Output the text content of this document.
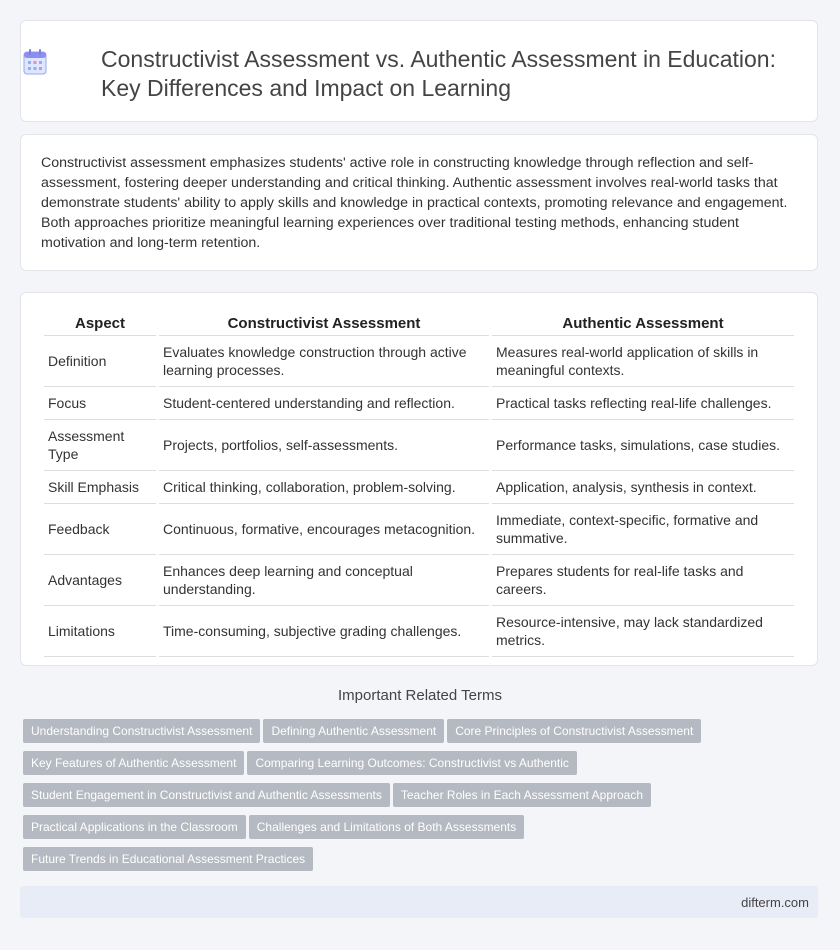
Constructivist Assessment vs. Authentic Assessment in Education: Key Differences and Impact on Learning

Constructivist assessment emphasizes students' active role in constructing knowledge through reflection and self-assessment, fostering deeper understanding and critical thinking. Authentic assessment involves real-world tasks that demonstrate students' ability to apply skills and knowledge in practical contexts, promoting relevance and engagement. Both approaches prioritize meaningful learning experiences over traditional testing methods, enhancing student motivation and long-term retention.

Aspect	Constructivist Assessment	Authentic Assessment
Definition	Evaluates knowledge construction through active learning processes.	Measures real-world application of skills in meaningful contexts.
Focus	Student-centered understanding and reflection.	Practical tasks reflecting real-life challenges.
Assessment Type	Projects, portfolios, self-assessments.	Performance tasks, simulations, case studies.
Skill Emphasis	Critical thinking, collaboration, problem-solving.	Application, analysis, synthesis in context.
Feedback	Continuous, formative, encourages metacognition.	Immediate, context-specific, formative and summative.
Advantages	Enhances deep learning and conceptual understanding.	Prepares students for real-life tasks and careers.
Limitations	Time-consuming, subjective grading challenges.	Resource-intensive, may lack standardized metrics.
Important Related Terms
Understanding Constructivist Assessment Defining Authentic Assessment Core Principles of Constructivist Assessment
Key Features of Authentic Assessment Comparing Learning Outcomes: Constructivist vs Authentic
Student Engagement in Constructivist and Authentic Assessments Teacher Roles in Each Assessment Approach
Practical Applications in the Classroom Challenges and Limitations of Both Assessments
Future Trends in Educational Assessment Practices
difterm.com
